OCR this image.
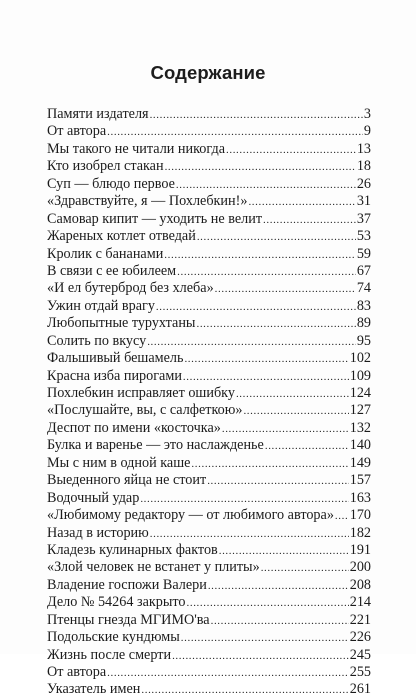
Содержание
Памяти издателя .....	3
От автора .....	9
Мы такого не читали никогда .....	13
Кто изобрел стакан .....	18
Суп — блюдо первое .....	26
«Здравствуйте, я — Похлебкин!» .....	31
Самовар кипит — уходить не велит .....	37
Жареных котлет отведай .....	53
Кролик с бананами .....	59
В связи с ее юбилеем .....	67
«И ел бутерброд без хлеба» .....	74
Ужин отдай врагу .....	83
Любопытные турухтаны .....	89
Солить по вкусу .....	95
Фальшивый бешамель .....	102
Красна изба пирогами .....	109
Похлебкин исправляет ошибку .....	124
«Послушайте, вы, с салфеткою» .....	127
Деспот по имени «косточка» .....	132
Булка и варенье — это наслажденье .....	140
Мы с ним в одной каше .....	149
Выеденного яйца не стоит .....	157
Водочный удар .....	163
«Любимому редактору — от любимого автора» ..... 170
Назад в историю .....	182
Кладезь кулинарных фактов .....	191
«Злой человек не встанет у плиты» .....	200
Владение госпожи Валери .....	208
Дело № 54264 закрыто .....	214
Птенцы гнезда МГИМО'ва .....	221
Подольские кундюмы .....	226
Жизнь после смерти .....	245
От автора .....	255
Указатель имен .....	261
